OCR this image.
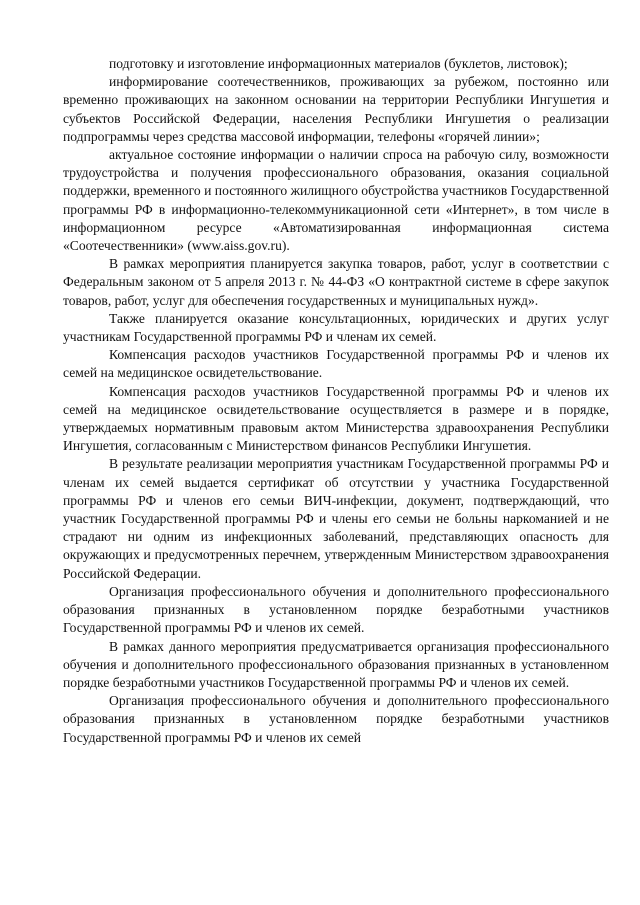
подготовку и изготовление информационных материалов (буклетов, листовок);

информирование соотечественников, проживающих за рубежом, постоянно или временно проживающих на законном основании на территории Республики Ингушетия и субъектов Российской Федерации, населения Республики Ингушетия о реализации подпрограммы через средства массовой информации, телефоны «горячей линии»;

актуальное состояние информации о наличии спроса на рабочую силу, возможности трудоустройства и получения профессионального образования, оказания социальной поддержки, временного и постоянного жилищного обустройства участников Государственной программы РФ в информационно-телекоммуникационной сети «Интернет», в том числе в информационном ресурсе «Автоматизированная информационная система «Соотечественники» (www.aiss.gov.ru).

В рамках мероприятия планируется закупка товаров, работ, услуг в соответствии с Федеральным законом от 5 апреля 2013 г. № 44-ФЗ «О контрактной системе в сфере закупок товаров, работ, услуг для обеспечения государственных и муниципальных нужд».

Также планируется оказание консультационных, юридических и других услуг участникам Государственной программы РФ и членам их семей.

Компенсация расходов участников Государственной программы РФ и членов их семей на медицинское освидетельствование.

Компенсация расходов участников Государственной программы РФ и членов их семей на медицинское освидетельствование осуществляется в размере и в порядке, утверждаемых нормативным правовым актом Министерства здравоохранения Республики Ингушетия, согласованным с Министерством финансов Республики Ингушетия.

В результате реализации мероприятия участникам Государственной программы РФ и членам их семей выдается сертификат об отсутствии у участника Государственной программы РФ и членов его семьи ВИЧ-инфекции, документ, подтверждающий, что участник Государственной программы РФ и члены его семьи не больны наркоманией и не страдают ни одним из инфекционных заболеваний, представляющих опасность для окружающих и предусмотренных перечнем, утвержденным Министерством здравоохранения Российской Федерации.

Организация профессионального обучения и дополнительного профессионального образования признанных в установленном порядке безработными участников Государственной программы РФ и членов их семей.

В рамках данного мероприятия предусматривается организация профессионального обучения и дополнительного профессионального образования признанных в установленном порядке безработными участников Государственной программы РФ и членов их семей.

Организация профессионального обучения и дополнительного профессионального образования признанных в установленном порядке безработными участников Государственной программы РФ и членов их семей
